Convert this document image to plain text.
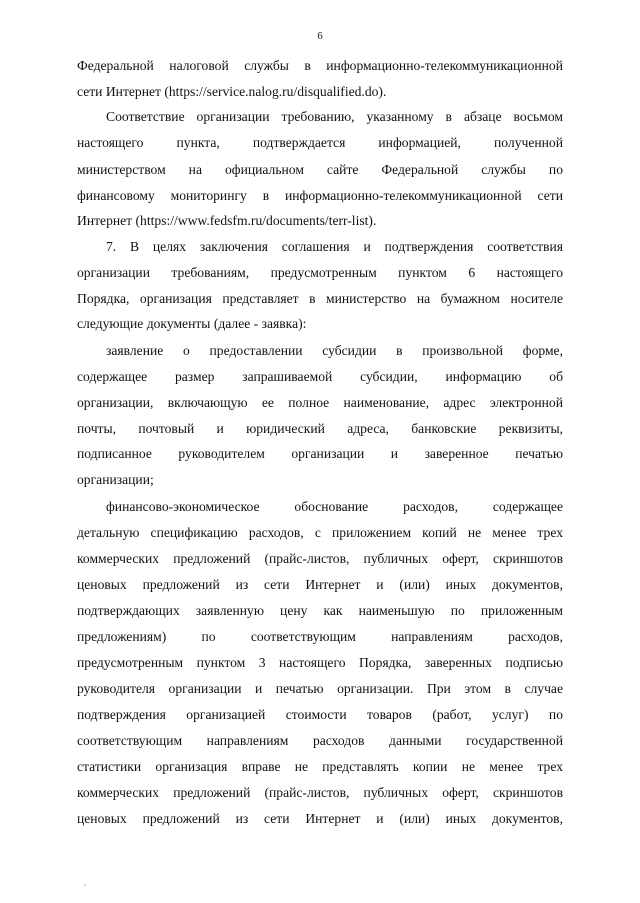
6
Федеральной налоговой службы в информационно-телекоммуникационной
сети Интернет (https://service.nalog.ru/disqualified.do).
Соответствие организации требованию, указанному в абзаце восьмом
настоящего пункта, подтверждается информацией, полученной
министерством на официальном сайте Федеральной службы по
финансовому мониторингу в информационно-телекоммуникационной сети
Интернет (https://www.fedsfm.ru/documents/terr-list).
7. В целях заключения соглашения и подтверждения соответствия
организации требованиям, предусмотренным пунктом 6 настоящего
Порядка, организация представляет в министерство на бумажном носителе
следующие документы (далее - заявка):
заявление о предоставлении субсидии в произвольной форме,
содержащее размер запрашиваемой субсидии, информацию об
организации, включающую ее полное наименование, адрес электронной
почты, почтовый и юридический адреса, банковские реквизиты,
подписанное руководителем организации и заверенное печатью
организации;
финансово-экономическое обоснование расходов, содержащее
детальную спецификацию расходов, с приложением копий не менее трех
коммерческих предложений (прайс-листов, публичных оферт, скриншотов
ценовых предложений из сети Интернет и (или) иных документов,
подтверждающих заявленную цену как наименьшую по приложенным
предложениям) по соответствующим направлениям расходов,
предусмотренным пунктом 3 настоящего Порядка, заверенных подписью
руководителя организации и печатью организации. При этом в случае
подтверждения организацией стоимости товаров (работ, услуг) по
соответствующим направлениям расходов данными государственной
статистики организация вправе не представлять копии не менее трех
коммерческих предложений (прайс-листов, публичных оферт, скриншотов
ценовых предложений из сети Интернет и (или) иных документов,
